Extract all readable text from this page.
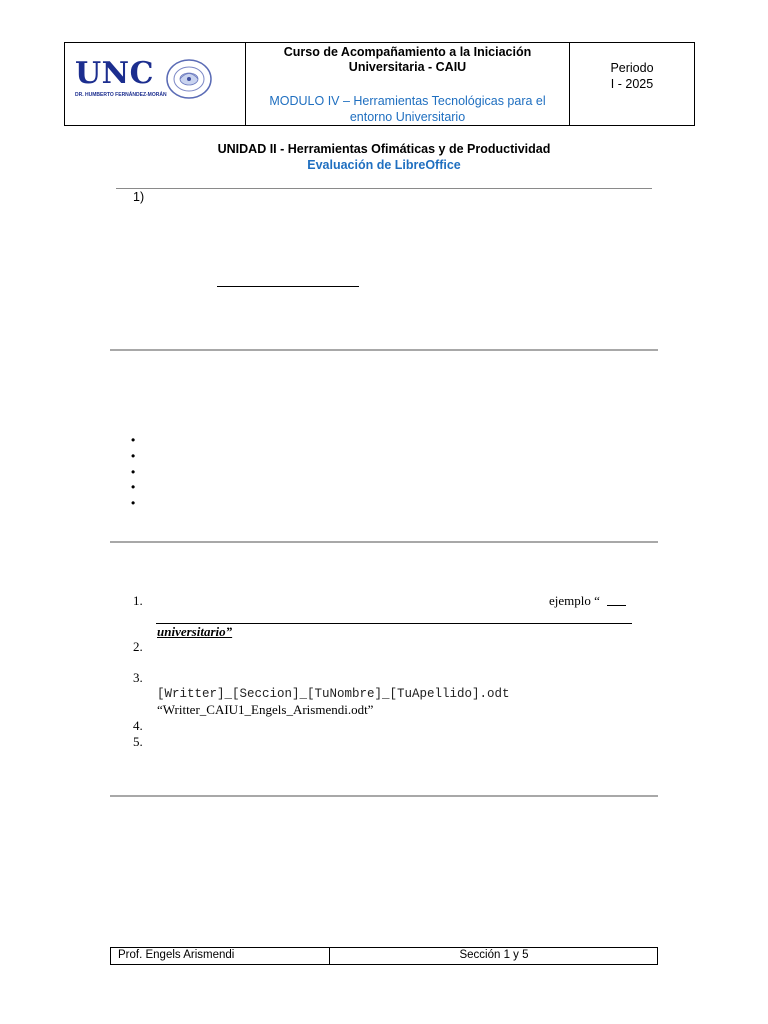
UNC
DR. HUMBERTO FERNÁNDEZ-MORÁN
Curso de Acompañamiento a la Iniciación
Universitaria - CAIU
MODULO IV – Herramientas Tecnológicas para el
entorno Universitario
Periodo
I - 2025
UNIDAD II - Herramientas Ofimáticas y de Productividad
Evaluación de LibreOffice
1)
•
•
•
•
•
1.	ejemplo “
universitario”
2.
3.
[Writter]_[Seccion]_[TuNombre]_[TuApellido].odt
“Writter_CAIU1_Engels_Arismendi.odt”
4.
5.
Prof. Engels Arismendi	Sección 1 y 5
